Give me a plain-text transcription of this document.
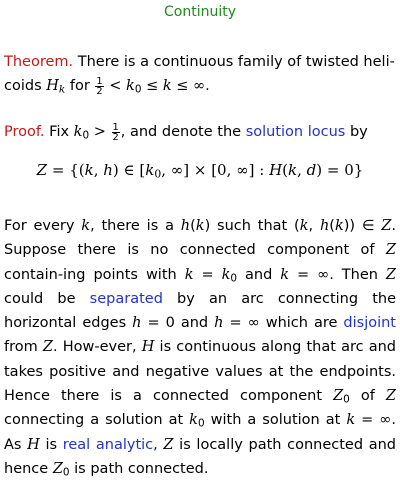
Continuity
Theorem. There is a continuous family of twisted heli-
coids $H_k$ for $\frac{1}{2} < k_0 \le k$ ≤ ∞.
Proof. Fix $k_0 > \frac{1}{2}$ , and denote the solution locus by
Z = {(k, h) ∈ [$k_0$, ∞] × [0, ∞] : H(k, d) = 0}
For every k, there is a h(k) such that (k, h(k)) ∈ Z. Suppose there is no connected component of Z contain-ing points with $k = k_0$ and k = ∞. Then Z could be separated by an arc connecting the horizontal edges h = 0 and h = ∞ which are disjoint from Z. How-ever, H is continuous along that arc and takes positive and negative values at the endpoints. Hence there is a connected component $Z_0$ of Z connecting a solution at $k_0$ with a solution at k = ∞. As H is real analytic, Z is locally path connected and hence $Z_0$ is path connected.
